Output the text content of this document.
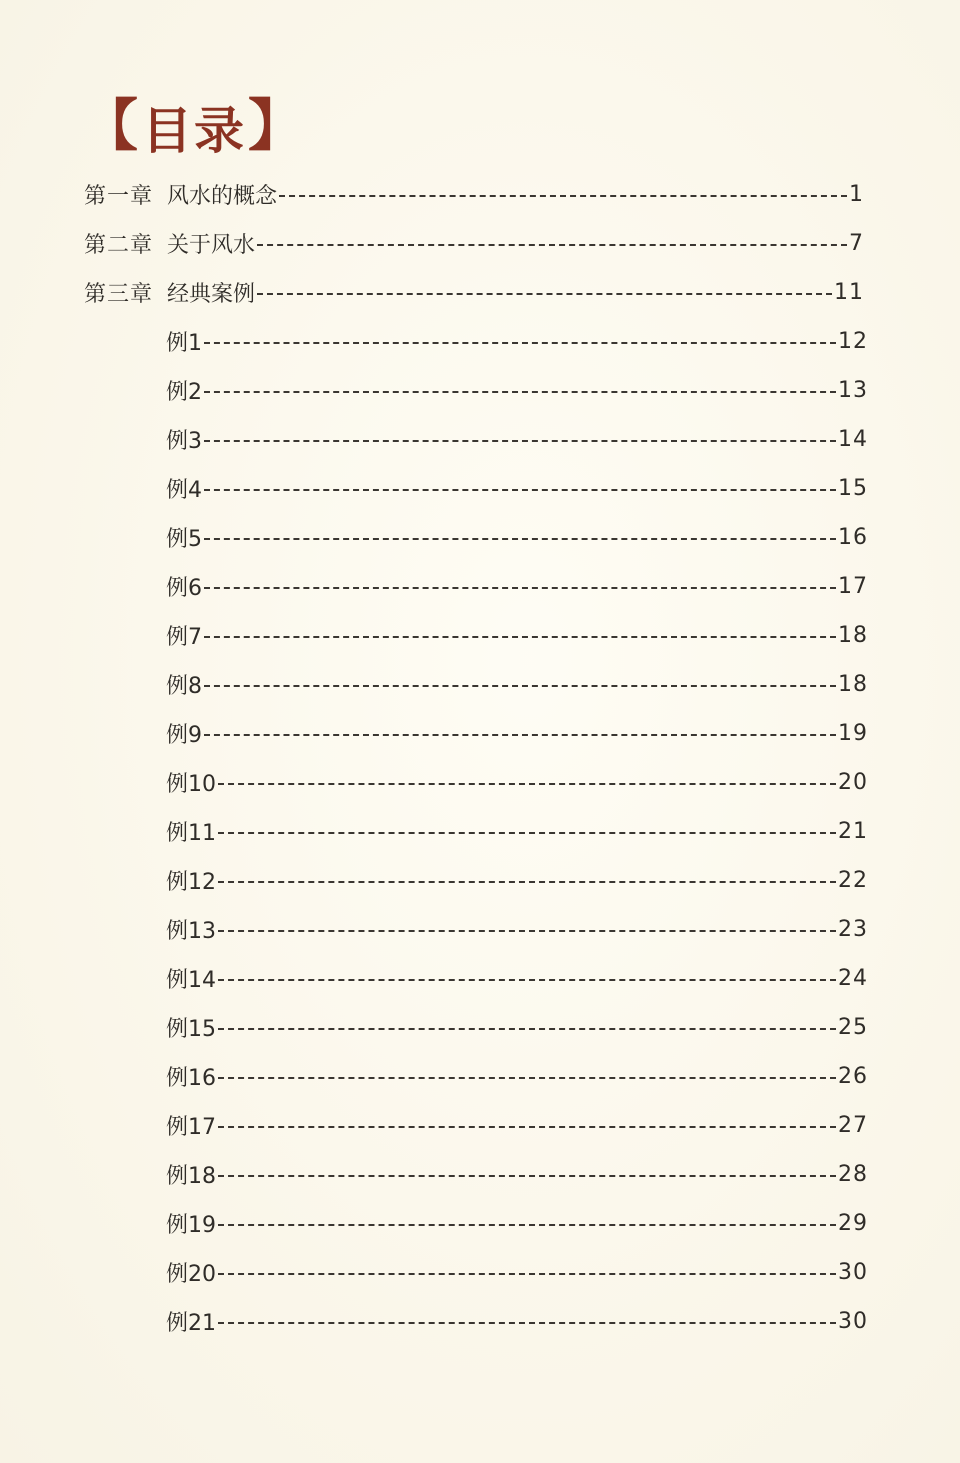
【 目录 】
第一章 风水的概念	1
第二章 关于风水	7
第三章 经典案例	11
例1	12
例2	13
例3	14
例4	15
例5	16
例6	17
例7	18
例8	18
例9	19
例10	20
例11	21
例12	22
例13	23
例14	24
例15	25
例16	26
例17	27
例18	28
例19	29
例20	30
例21	30
